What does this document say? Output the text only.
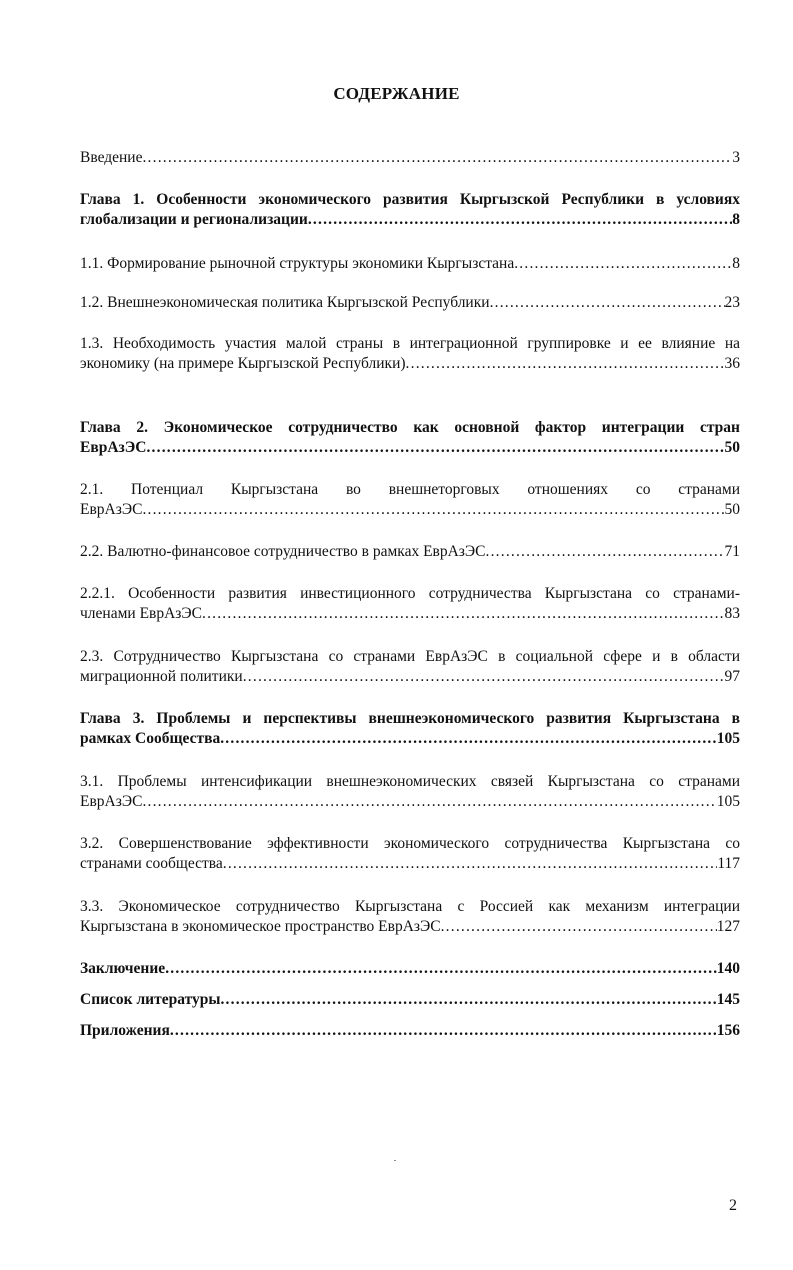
СОДЕРЖАНИЕ
Введение .....	3
Глава 1. Особенности экономического развития Кыргызской Республики в условиях
глобализации и регионализации .....	8
1.1. Формирование рыночной структуры экономики Кыргызстана .....	8
1.2. Внешнеэкономическая политика Кыргызской Республики .....	23
1.3. Необходимость участия малой страны в интеграционной группировке и ее влияние на
экономику (на примере Кыргызской Республики) .....	36
Глава 2. Экономическое сотрудничество как основной фактор интеграции стран
ЕврАзЭС .....	50
2.1. Потенциал Кыргызстана во внешнеторговых отношениях со странами
ЕврАзЭС .....	50
2.2. Валютно-финансовое сотрудничество в рамках ЕврАзЭС .....	71
2.2.1. Особенности развития инвестиционного сотрудничества Кыргызстана со странами-
членами ЕврАзЭС .....	83
2.3. Сотрудничество Кыргызстана со странами ЕврАзЭС в социальной сфере и в области
миграционной политики .....	97
Глава 3. Проблемы и перспективы внешнеэкономического развития Кыргызстана в
рамках Сообщества .....	105
3.1. Проблемы интенсификации внешнеэкономических связей Кыргызстана со странами
ЕврАзЭС .....	105
3.2. Совершенствование эффективности экономического сотрудничества Кыргызстана со
странами сообщества .....	117
3.3. Экономическое сотрудничество Кыргызстана с Россией как механизм интеграции
Кыргызстана в экономическое пространство ЕврАзЭС .....	127
Заключение .....	140
Список литературы .....	145
Приложения .....	156
2
